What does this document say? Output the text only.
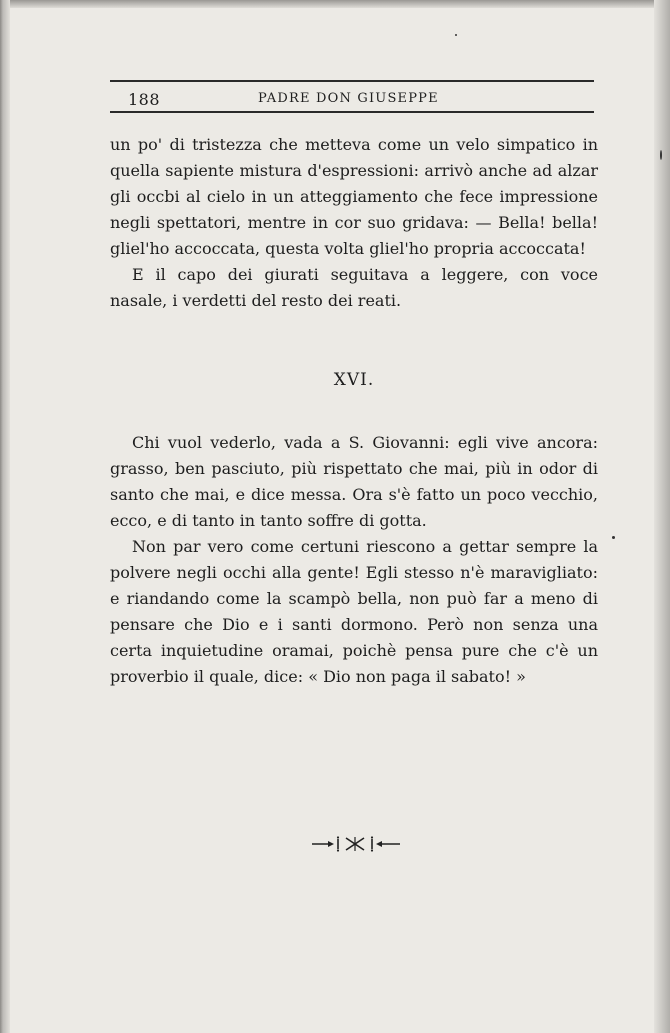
188	PADRE DON GIUSEPPE

un po' di tristezza che metteva come un velo simpatico in quella sapiente mistura d'espressioni: arrivò anche ad alzar gli occbi al cielo in un atteggiamento che fece impressione negli spettatori, mentre in cor suo gridava: — Bella! bella! gliel'ho accoccata, questa volta gliel'ho propria accoccata!

E il capo dei giurati seguitava a leggere, con voce nasale, i verdetti del resto dei reati.

XVI.

Chi vuol vederlo, vada a S. Giovanni: egli vive ancora: grasso, ben pasciuto, più rispettato che mai, più in odor di santo che mai, e dice messa. Ora s'è fatto un poco vecchio, ecco, e di tanto in tanto soffre di gotta.

Non par vero come certuni riescono a gettar sempre la polvere negli occhi alla gente! Egli stesso n'è maravigliato: e riandando come la scampò bella, non può far a meno di pensare che Dio e i santi dormono. Però non senza una certa inquietudine oramai, poichè pensa pure che c'è un proverbio il quale, dice: « Dio non paga il sabato! »
